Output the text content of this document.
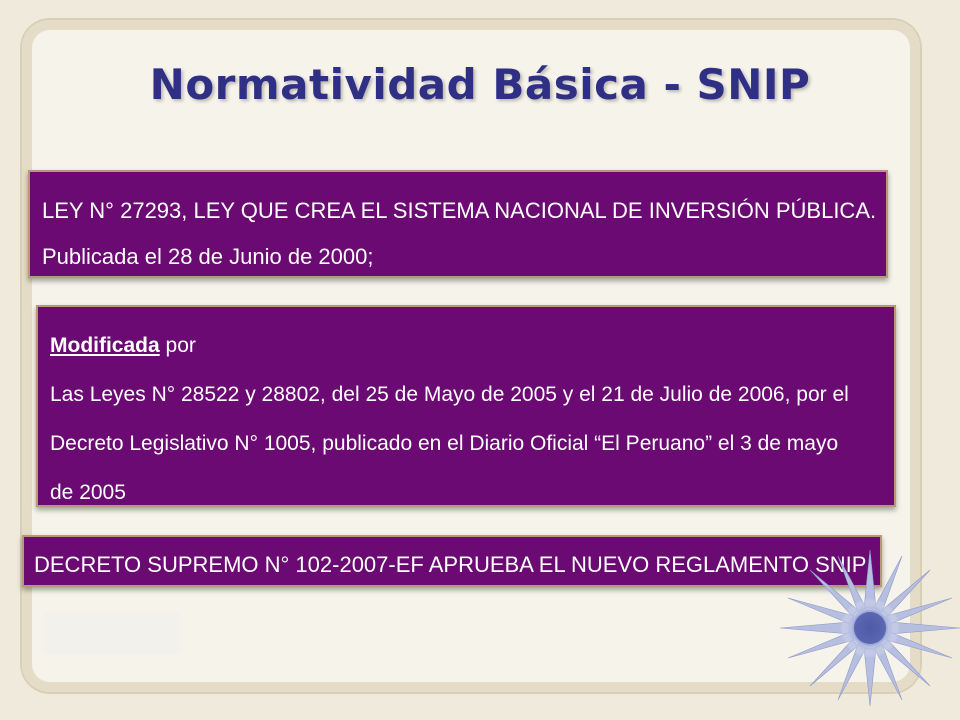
Normatividad Básica - SNIP
LEY N° 27293, LEY QUE CREA EL SISTEMA NACIONAL DE INVERSIÓN PÚBLICA.
Publicada el 28 de Junio de 2000;
Modificada por
Las Leyes N° 28522 y 28802, del 25 de Mayo de 2005 y el 21 de Julio de 2006, por el
Decreto Legislativo N° 1005, publicado en el Diario Oficial “El Peruano” el 3 de mayo
de 2005
DECRETO SUPREMO N° 102-2007-EF APRUEBA EL NUEVO REGLAMENTO SNIP
